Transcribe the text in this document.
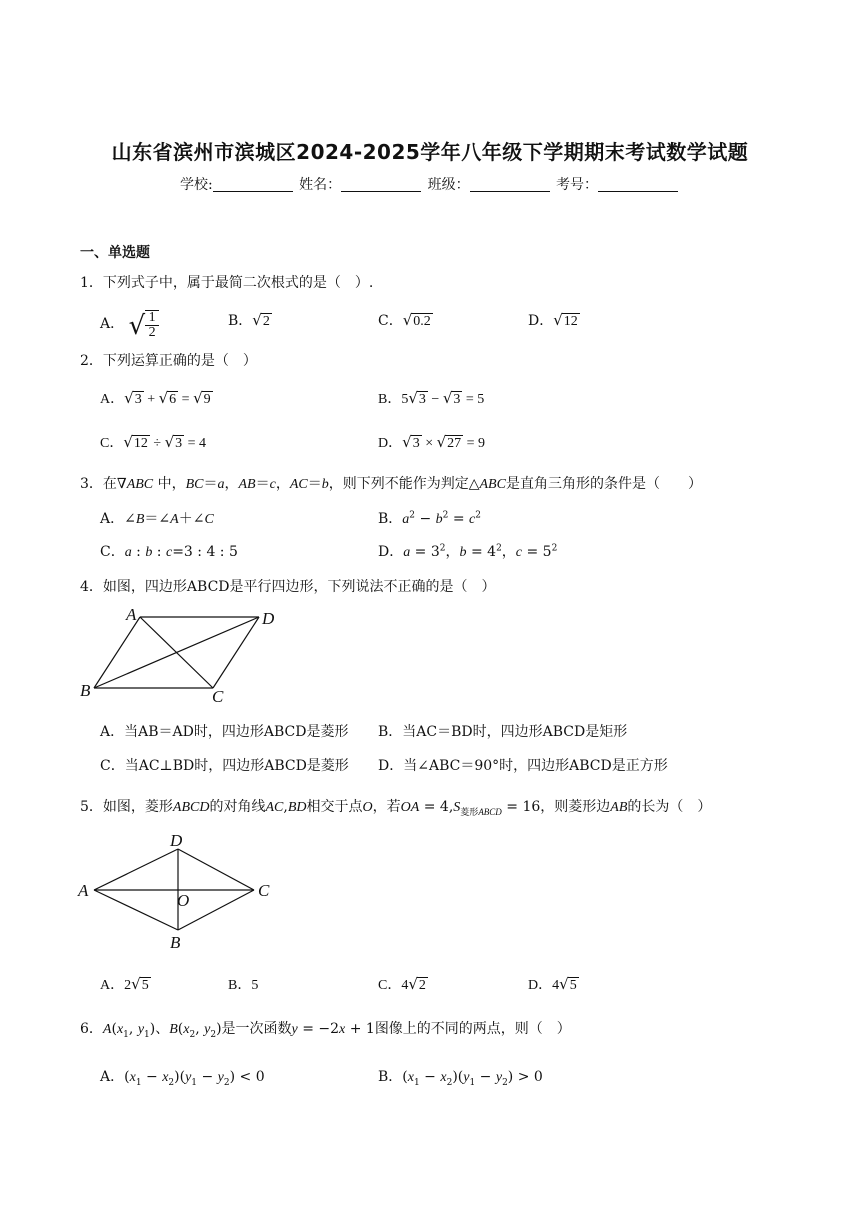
山东省滨州市滨城区2024-2025学年八年级下学期期末考试数学试题
学校:	姓名：	班级：	考号：
一、单选题
1．下列式子中，属于最简二次根式的是（　）.
A． √ $\frac{1}{2}$	B．√2	C．√0.2	D．√12
2．下列运算正确的是（　）
A．√3 + √6 = √9	B．5√3 − √3 = 5
C．√12 ÷ √3 = 4	D．√3 × √27 = 9
3．在∇ABC 中，BC＝a，AB＝c，AC＝b，则下列不能作为判定△ABC是直角三角形的条件是（　　）
A．∠B＝∠A＋∠C	B．$a^2 - b^2 = c^2$
C．a : b : c=3 : 4 : 5	D．$a = 3^2$，$b = 4^2$，$c = 5^2$
4．如图，四边形ABCD是平行四边形，下列说法不正确的是（　）
A	D
B	C
A．当AB＝AD时，四边形ABCD是菱形 B．当AC＝BD时，四边形ABCD是矩形
C．当AC⊥BD时，四边形ABCD是菱形 D．当∠ABC＝90°时，四边形ABCD是正方形
5．如图，菱形ABCD的对角线AC,BD相交于点O，若OA = $4,S_{菱形ABCD} = 16$，则菱形边AB的长为（　）
D
A
O
C
B
A．2√5	B．5	C．4√2	D．4√5
6．$A(x_1$, $y_1$)、$B(x_2$, $y_2$)是一次函数y = −2x + 1图像上的不同的两点，则（　）
A．$(x_1 - x_2)(y_1 - y_2) < 0$	B．$(x_1 - x_2)(y_1 - y_2) > 0$
